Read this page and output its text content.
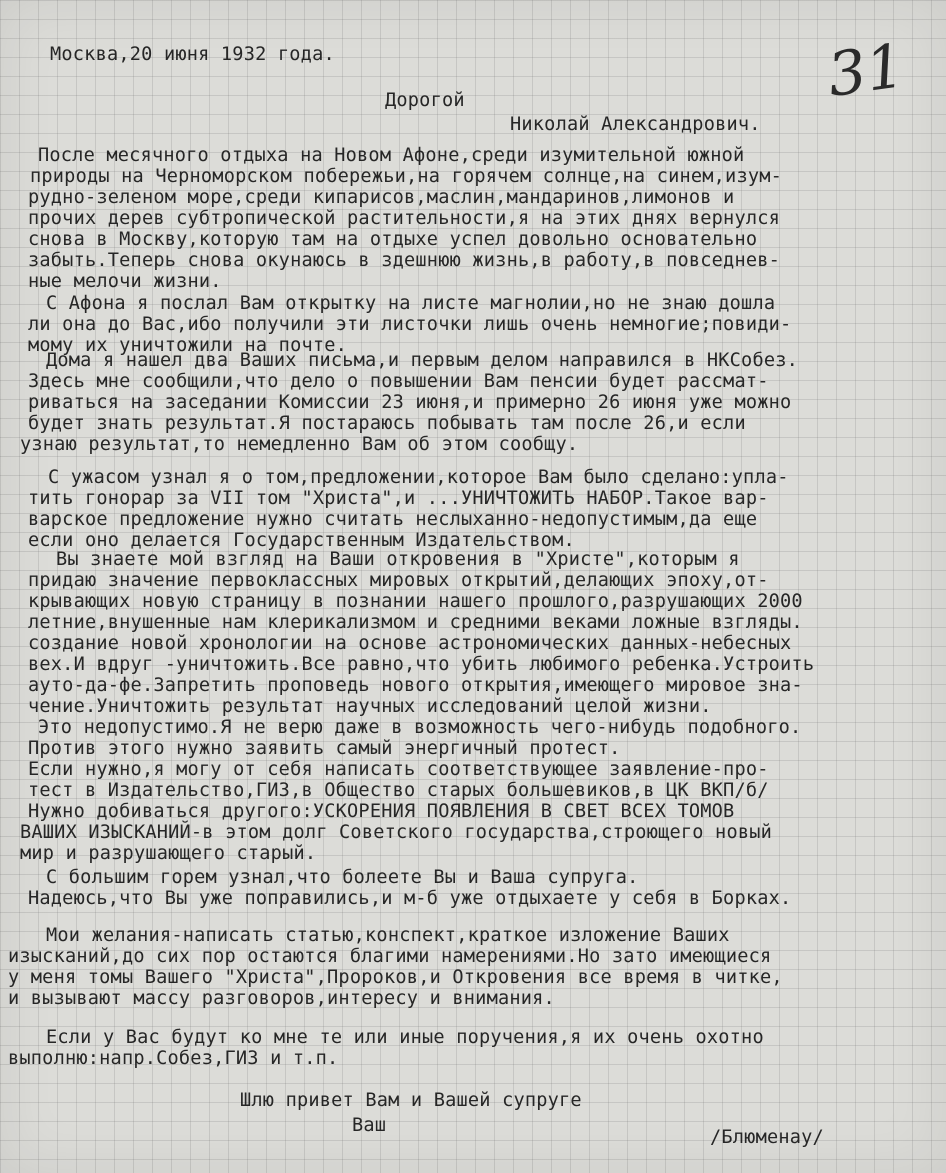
31
Москва,20 июня 1932 года.
Дорогой
Николай Александрович.
После месячного отдыха на Новом Афоне,среди изумительной южной
природы на Черноморском побережьи,на горячем солнце,на синем,изум-
рудно-зеленом море,среди кипарисов,маслин,мандаринов,лимонов и
прочих дерев субтропической растительности,я на этих днях вернулся
снова в Москву,которую там на отдыхе успел довольно основательно
забыть.Теперь снова окунаюсь в здешнюю жизнь,в работу,в повседнев-
ные мелочи жизни.
С Афона я послал Вам открытку на листе магнолии,но не знаю дошла
ли она до Вас,ибо получили эти листочки лишь очень немногие;повиди-
мому их уничтожили на почте.
Дома я нашел два Ваших письма,и первым делом направился в НКСобез.
Здесь мне сообщили,что дело о повышении Вам пенсии будет рассмат-
риваться на заседании Комиссии 23 июня,и примерно 26 июня уже можно
будет знать результат.Я постараюсь побывать там после 26,и если
узнаю результат,то немедленно Вам об этом сообщу.
С ужасом узнал я о том,предложении,которое Вам было сделано:упла-
тить гонорар за VII том "Христа",и ...УНИЧТОЖИТЬ НАБОР.Такое вар-
варское предложение нужно считать неслыханно-недопустимым,да еще
если оно делается Государственным Издательством.
Вы знаете мой взгляд на Ваши откровения в "Христе",которым я
придаю значение первоклассных мировых открытий,делающих эпоху,от-
крывающих новую страницу в познании нашего прошлого,разрушающих 2000
летние,внушенные нам клерикализмом и средними веками ложные взгляды.
создание новой хронологии на основе астрономических данных-небесных
вех.И вдруг -уничтожить.Все равно,что убить любимого ребенка.Устроить
ауто-да-фе.Запретить проповедь нового открытия,имеющего мировое зна-
чение.Уничтожить результат научных исследований целой жизни.
Это недопустимо.Я не верю даже в возможность чего-нибудь подобного.
Против этого нужно заявить самый энергичный протест.
Если нужно,я могу от себя написать соответствующее заявление-про-
тест в Издательство,ГИЗ,в Общество старых большевиков,в ЦК ВКП/б/
Нужно добиваться другого:УСКОРЕНИЯ ПОЯВЛЕНИЯ В СВЕТ ВСЕХ ТОМОВ
ВАШИХ ИЗЫСКАНИЙ-в этом долг Советского государства,строющего новый
мир и разрушающего старый.
С большим горем узнал,что болеете Вы и Ваша супруга.
Надеюсь,что Вы уже поправились,и м-б уже отдыхаете у себя в Борках.
Мои желания-написать статью,конспект,краткое изложение Ваших
изысканий,до сих пор остаются благими намерениями.Но зато имеющиеся
у меня томы Вашего "Христа",Пророков,и Откровения все время в читке,
и вызывают массу разговоров,интересу и внимания.
Если у Вас будут ко мне те или иные поручения,я их очень охотно
выполню:напр.Собез,ГИЗ и т.п.
Шлю привет Вам и Вашей супруге
Ваш
/Блюменау/
